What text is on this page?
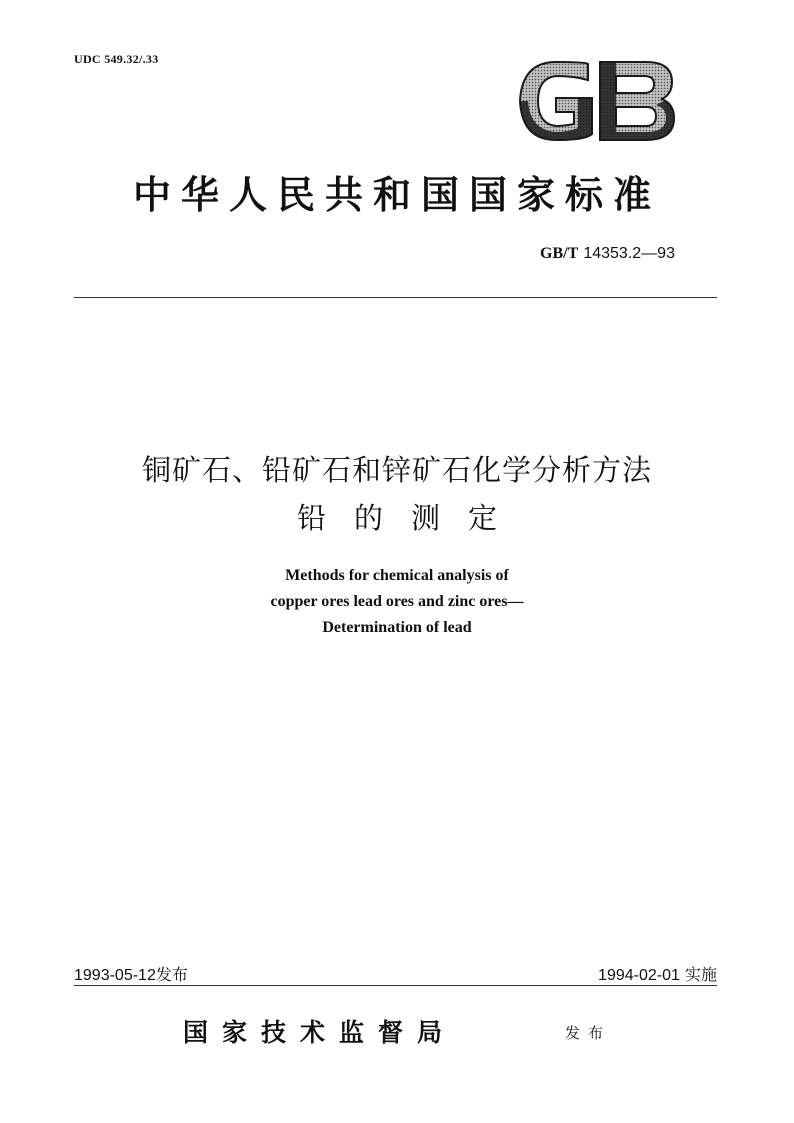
UDC 549.32/.33
中华人民共和国国家标准
GB/T 14353.2—93
铜矿石、铅矿石和锌矿石化学分析方法
铅的测定
Methods for chemical analysis of
copper ores lead ores and zinc ores—
Determination of lead
1993-05-12发布	1994-02-01 实施
国家技术监督局	发布
